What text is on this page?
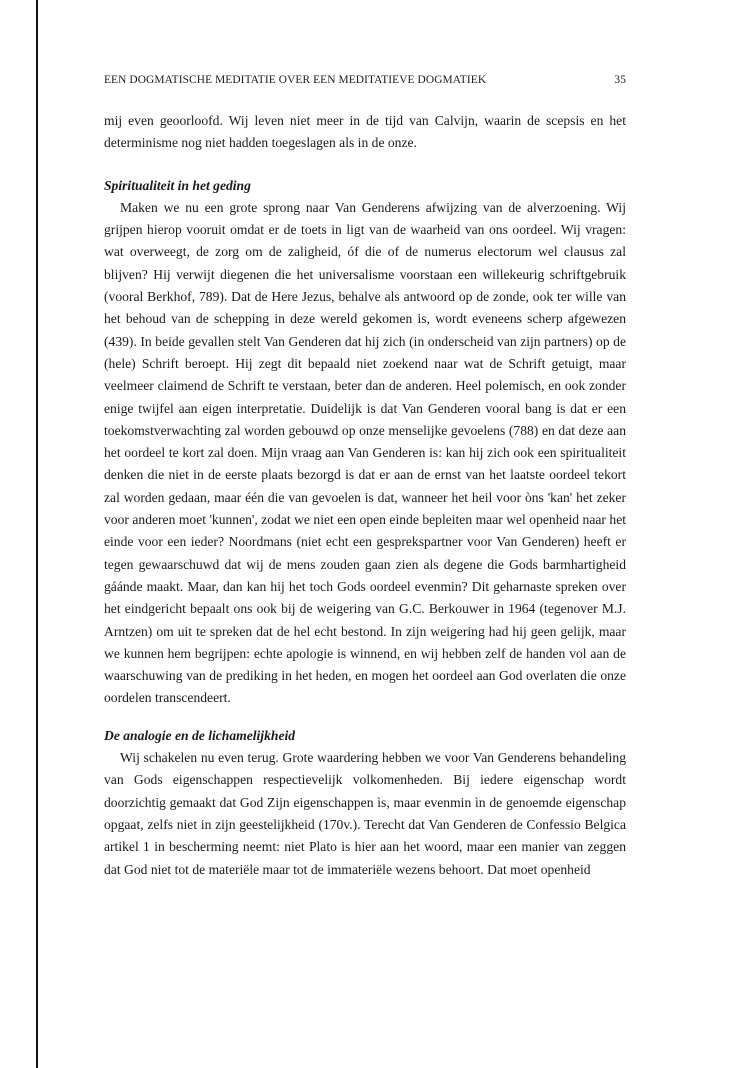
EEN DOGMATISCHE MEDITATIE OVER EEN MEDITATIEVE DOGMATIEK	35

mij even geoorloofd. Wij leven niet meer in de tijd van Calvijn, waarin de scepsis en het determinisme nog niet hadden toegeslagen als in de onze.

Spiritualiteit in het geding

Maken we nu een grote sprong naar Van Genderens afwijzing van de alverzoening. Wij grijpen hierop vooruit omdat er de toets in ligt van de waarheid van ons oordeel. Wij vragen: wat overweegt, de zorg om de zaligheid, óf die of de numerus electorum wel clausus zal blijven? Hij verwijt diegenen die het universalisme voorstaan een willekeurig schriftgebruik (vooral Berkhof, 789). Dat de Here Jezus, behalve als antwoord op de zonde, ook ter wille van het behoud van de schepping in deze wereld gekomen is, wordt eveneens scherp afgewezen (439). In beide gevallen stelt Van Genderen dat hij zich (in onderscheid van zijn partners) op de (hele) Schrift beroept. Hij zegt dit bepaald niet zoekend naar wat de Schrift getuigt, maar veelmeer claimend de Schrift te verstaan, beter dan de anderen. Heel polemisch, en ook zonder enige twijfel aan eigen interpretatie. Duidelijk is dat Van Genderen vooral bang is dat er een toekomstverwachting zal worden gebouwd op onze menselijke gevoelens (788) en dat deze aan het oordeel te kort zal doen. Mijn vraag aan Van Genderen is: kan hij zich ook een spiritualiteit denken die niet in de eerste plaats bezorgd is dat er aan de ernst van het laatste oordeel tekort zal worden gedaan, maar één die van gevoelen is dat, wanneer het heil voor òns 'kan' het zeker voor anderen moet 'kunnen', zodat we niet een open einde bepleiten maar wel openheid naar het einde voor een ieder? Noordmans (niet echt een gesprekspartner voor Van Genderen) heeft er tegen gewaarschuwd dat wij de mens zouden gaan zien als degene die Gods barmhartigheid gáánde maakt. Maar, dan kan hij het toch Gods oordeel evenmin? Dit geharnaste spreken over het eindgericht bepaalt ons ook bij de weigering van G.C. Berkouwer in 1964 (tegenover M.J. Arntzen) om uit te spreken dat de hel echt bestond. In zijn weigering had hij geen gelijk, maar we kunnen hem begrijpen: echte apologie is winnend, en wij hebben zelf de handen vol aan de waarschuwing van de prediking in het heden, en mogen het oordeel aan God overlaten die onze oordelen transcendeert.

De analogie en de lichamelijkheid

Wij schakelen nu even terug. Grote waardering hebben we voor Van Genderens behandeling van Gods eigenschappen respectievelijk volkomenheden. Bij iedere eigenschap wordt doorzichtig gemaakt dat God Zijn eigenschappen ìs, maar evenmin ìn de genoemde eigenschap opgaat, zelfs niet in zijn geestelijkheid (170v.). Terecht dat Van Genderen de Confessio Belgica artikel 1 in bescherming neemt: niet Plato is hier aan het woord, maar een manier van zeggen dat God niet tot de materiële maar tot de immateriële wezens behoort. Dat moet openheid
